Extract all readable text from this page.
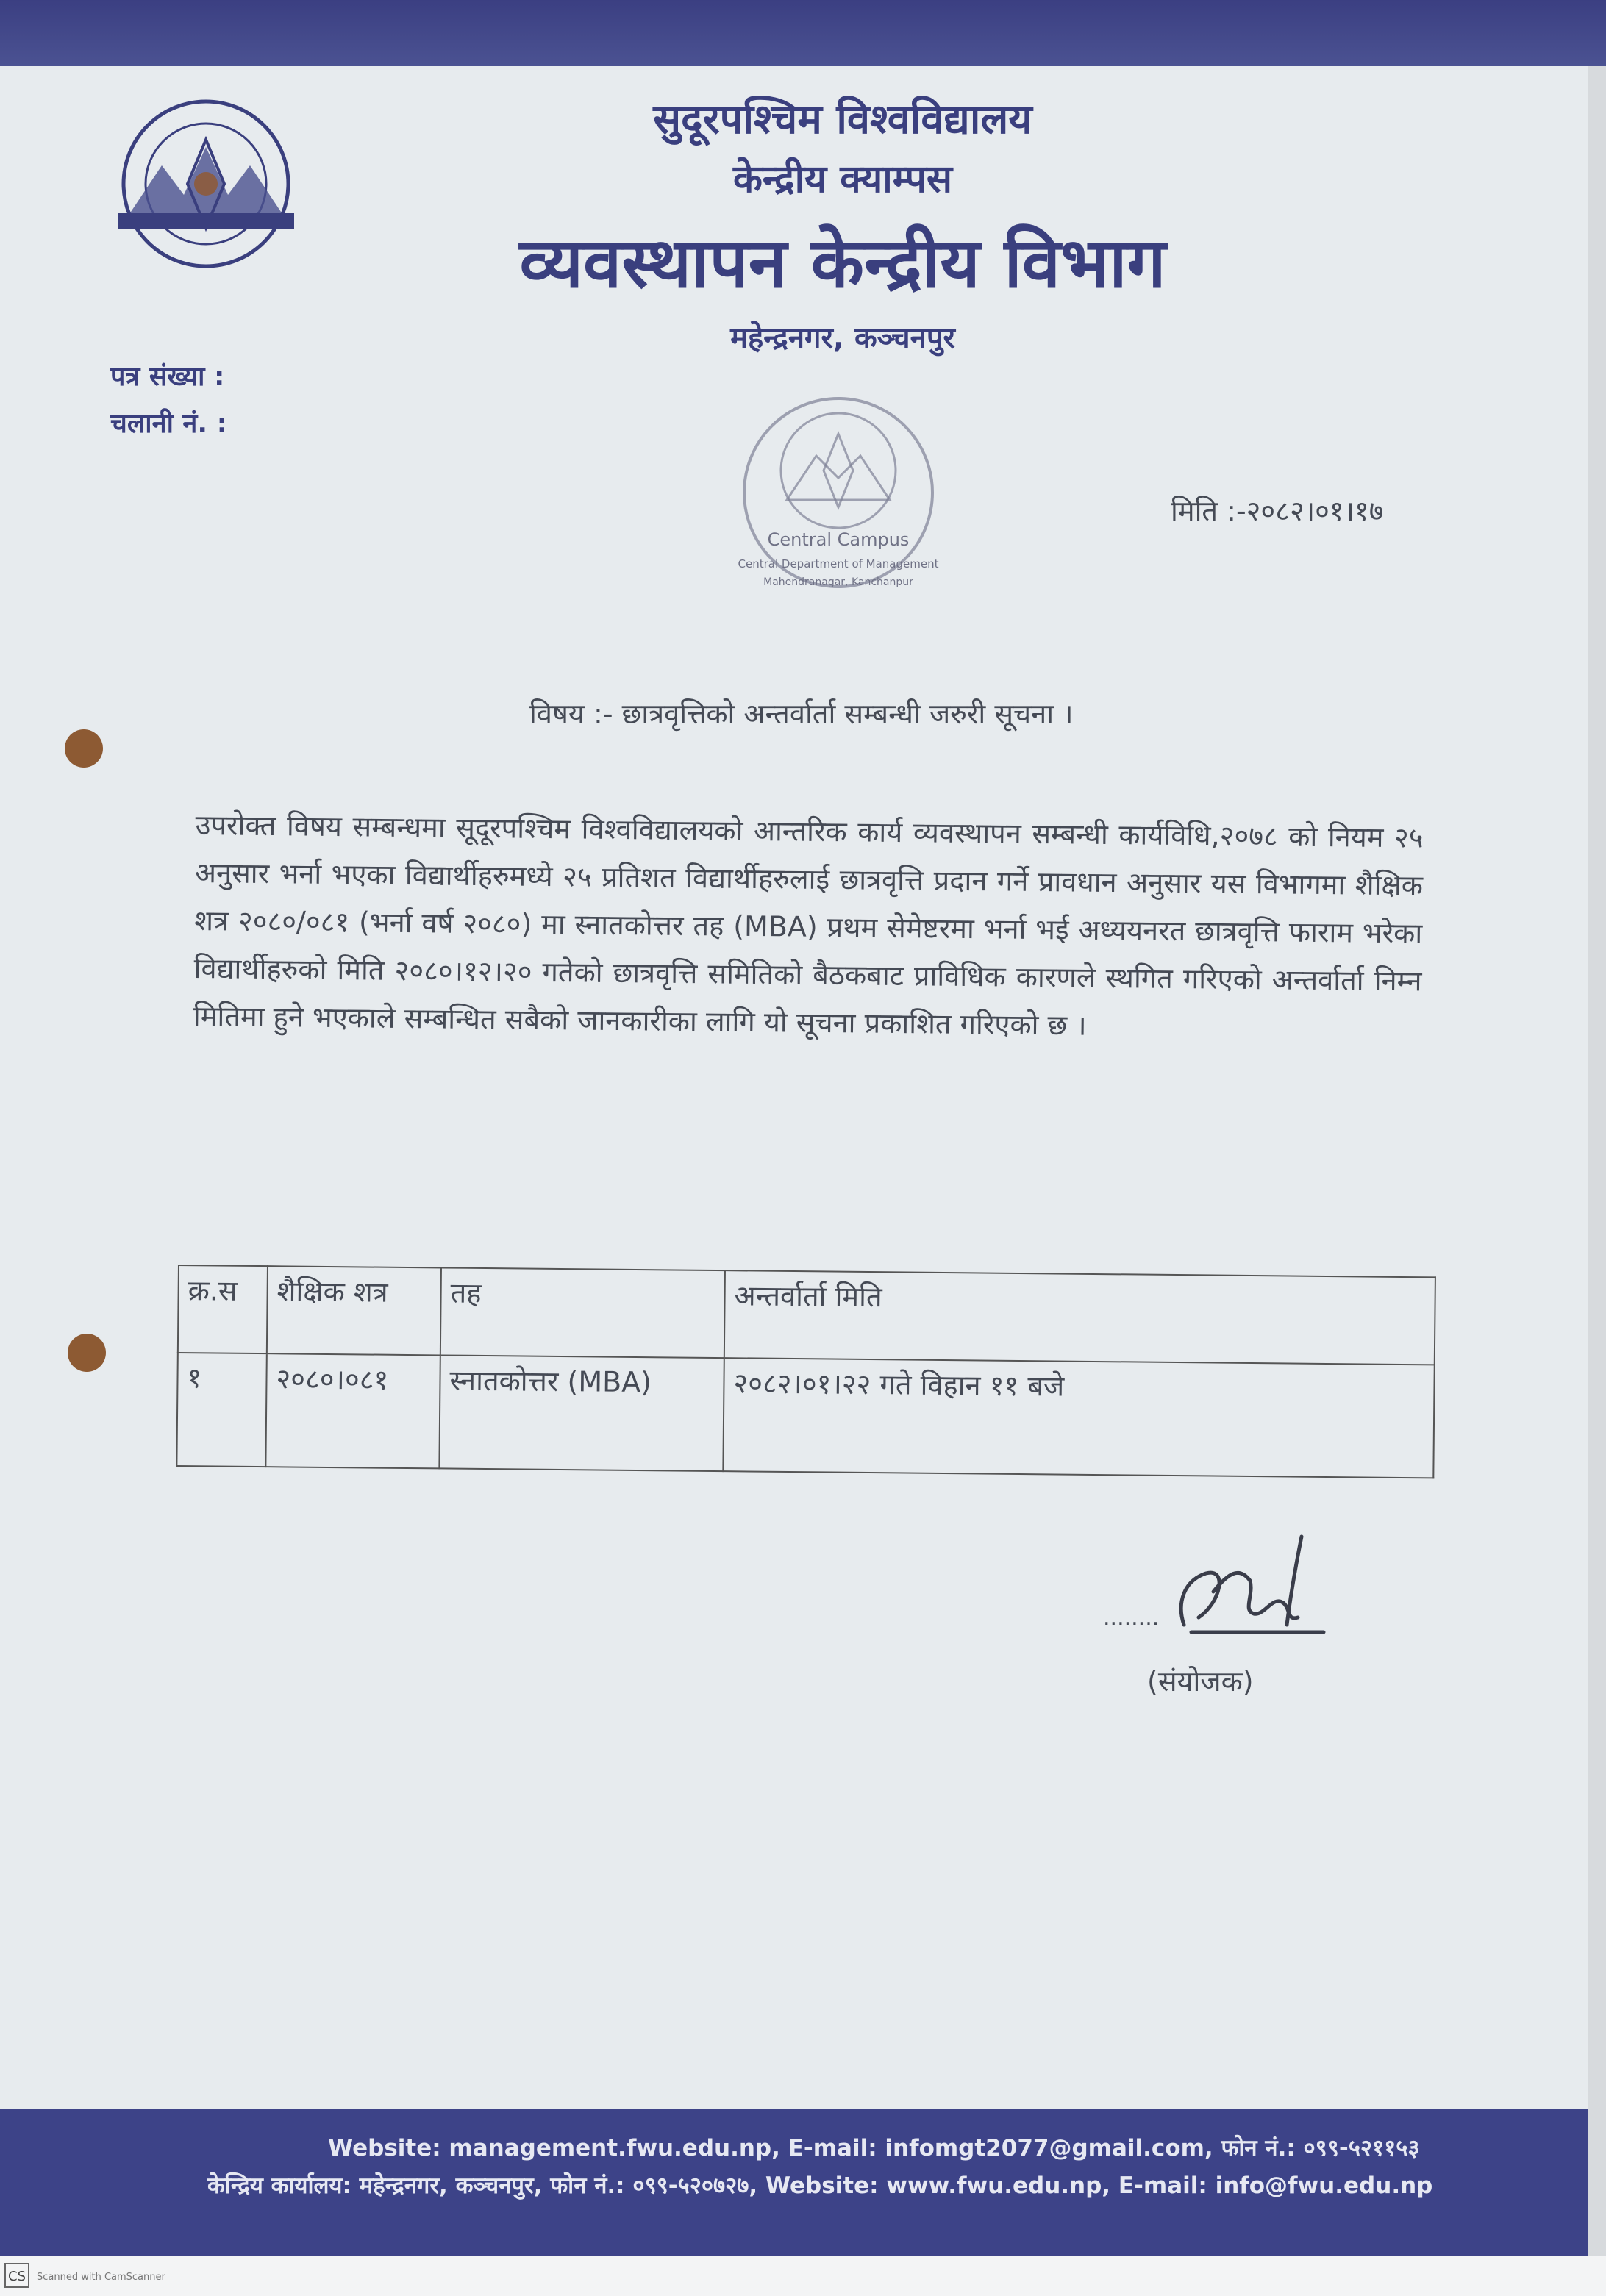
सुदूरपश्चिम विश्वविद्यालय
केन्द्रीय क्याम्पस
व्यवस्थापन केन्द्रीय विभाग
महेन्द्रनगर, कञ्चनपुर
पत्र संख्या :
चलानी नं. :
Central Campus
Central Department of Management
Mahendranagar, Kanchanpur
मिति :-२०८२।०१।१७
विषय :- छात्रवृत्तिको अन्तर्वार्ता सम्बन्धी जरुरी सूचना ।
उपरोक्त विषय सम्बन्धमा सूदूरपश्चिम विश्वविद्यालयको आन्तरिक कार्य व्यवस्थापन सम्बन्धी कार्यविधि,२०७८ को नियम २५ अनुसार भर्ना भएका विद्यार्थीहरुमध्ये २५ प्रतिशत विद्यार्थीहरुलाई छात्रवृत्ति प्रदान गर्ने प्रावधान अनुसार यस विभागमा शैक्षिक शत्र २०८०/०८१ (भर्ना वर्ष २०८०) मा स्नातकोत्तर तह (MBA) प्रथम सेमेष्टरमा भर्ना भई अध्ययनरत छात्रवृत्ति फाराम भरेका विद्यार्थीहरुको मिति २०८०।१२।२० गतेको छात्रवृत्ति समितिको बैठकबाट प्राविधिक कारणले स्थगित गरिएको अन्तर्वार्ता निम्न मितिमा हुने भएकाले सम्बन्धित सबैको जानकारीका लागि यो सूचना प्रकाशित गरिएको छ ।
क्र.स	शैक्षिक शत्र	तह	अन्तर्वार्ता मिति
१	२०८०।०८१	स्नातकोत्तर (MBA)	२०८२।०१।२२ गते विहान ११ बजे
........
(संयोजक)
Website: management.fwu.edu.np, E-mail: infomgt2077@gmail.com, फोन नं.: ०९९-५२११५३
केन्द्रिय कार्यालय: महेन्द्रनगर, कञ्चनपुर, फोन नं.: ०९९-५२०७२७, Website: www.fwu.edu.np, E-mail: info@fwu.edu.np
CS	Scanned with CamScanner
